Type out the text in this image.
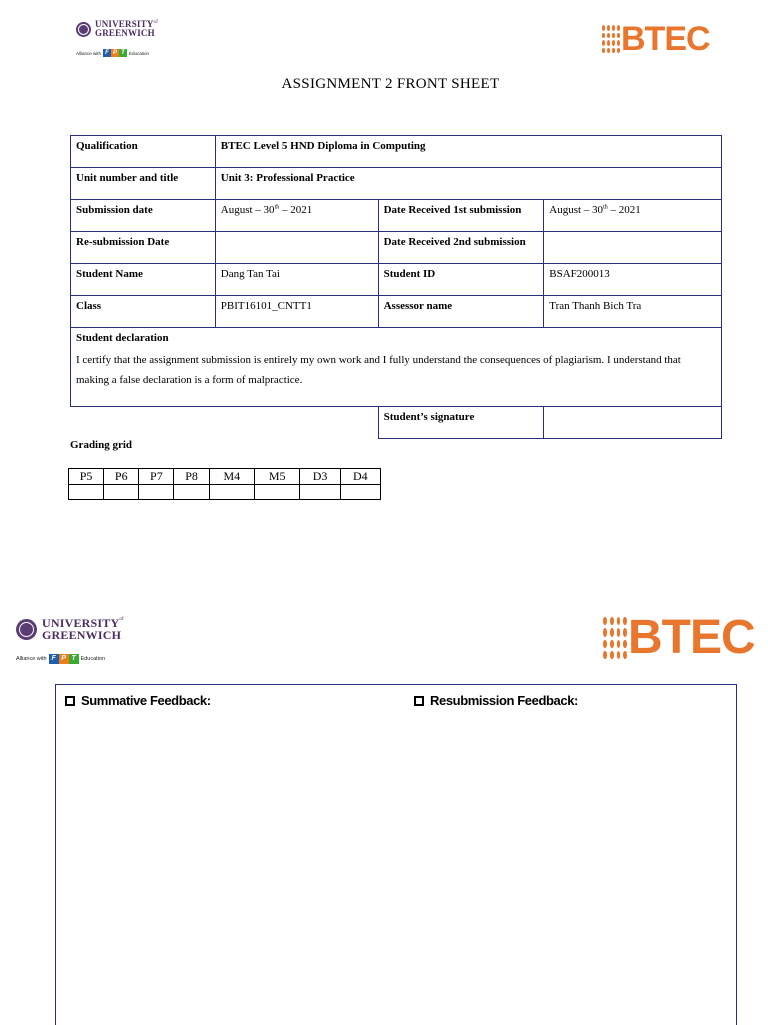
$UNIVERSITY^{of}$
GREENWICH
Alliance with F P T Education	BTEC
ASSIGNMENT 2 FRONT SHEET
Qualification	BTEC Level 5 HND Diploma in Computing		
Unit number and title	Unit 3: Professional Practice		
Submission date	August – 30th – 2021	Date Received 1st submission	August – 30th – 2021
Re-submission Date		Date Received 2nd submission	
Student Name	Dang Tan Tai	Student ID	BSAF200013
Class	PBIT16101_CNTT1	Assessor name	Tran Thanh Bich Tra

Student declaration
I certify that the assignment submission is entirely my own work and I fully understand the consequences of plagiarism. I understand that making a false declaration is a form of malpractice.			

		Student’s signature	
Grading grid
P5	P6	P7	P8	M4	M5	D3	D4

$UNIVERSITY^{of}$
GREENWICH
Alliance with F P T Education	BTEC
Summative Feedback:	Resubmission Feedback:
